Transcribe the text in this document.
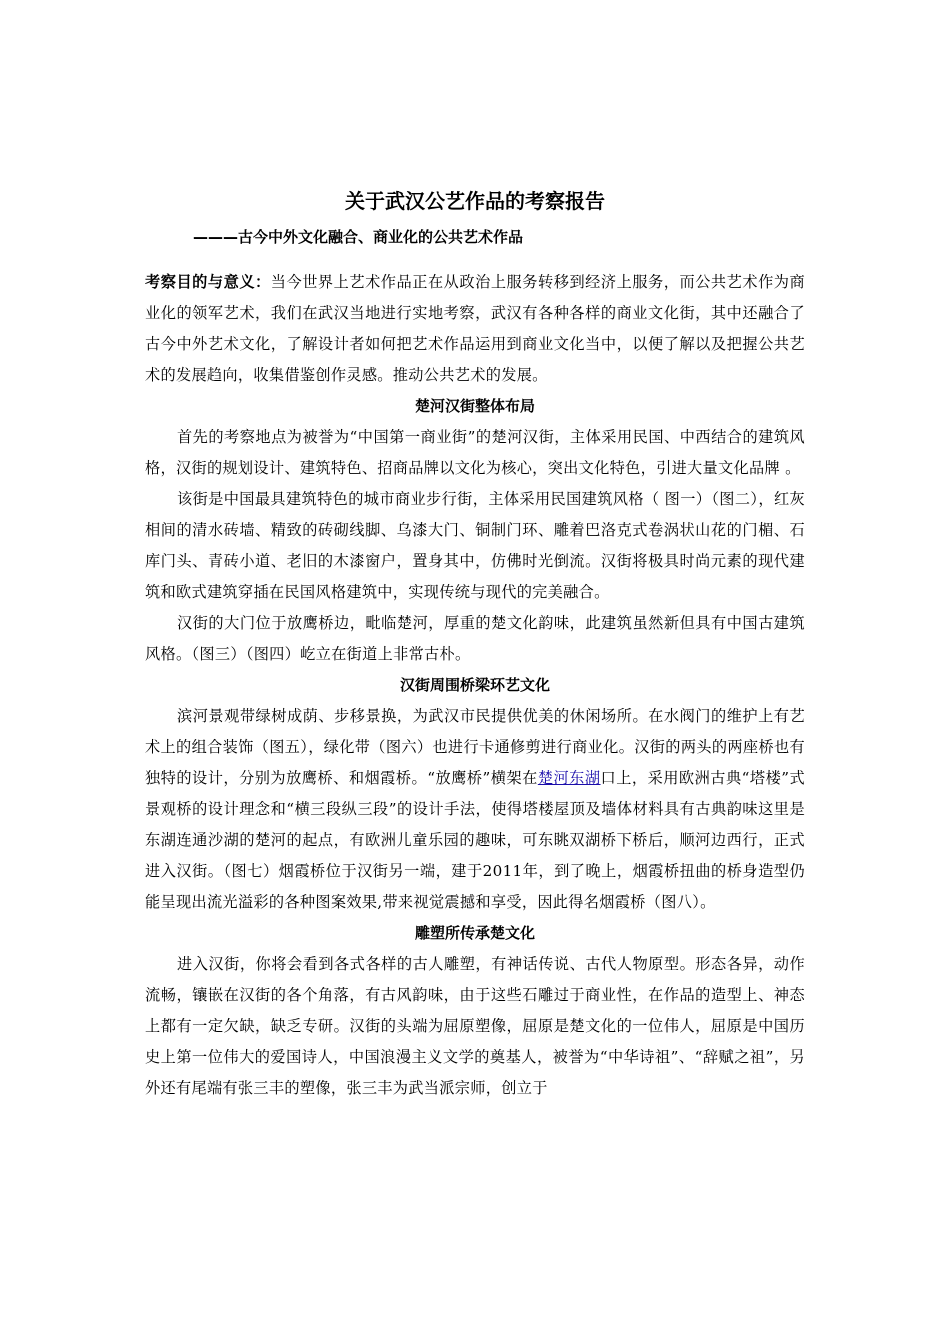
关于武汉公艺作品的考察报告

———古今中外文化融合、商业化的公共艺术作品

考察目的与意义：当今世界上艺术作品正在从政治上服务转移到经济上服务，而公共艺术作为商业化的领军艺术，我们在武汉当地进行实地考察，武汉有各种各样的商业文化街，其中还融合了古今中外艺术文化，了解设计者如何把艺术作品运用到商业文化当中，以便了解以及把握公共艺术的发展趋向，收集借鉴创作灵感。推动公共艺术的发展。

楚河汉街整体布局

首先的考察地点为被誉为“中国第一商业街”的楚河汉街，主体采用民国、中西结合的建筑风格，汉街的规划设计、建筑特色、招商品牌以文化为核心，突出文化特色，引进大量文化品牌 。

该街是中国最具建筑特色的城市商业步行街，主体采用民国建筑风格（ 图一）（图二），红灰相间的清水砖墙、精致的砖砌线脚、乌漆大门、铜制门环、雕着巴洛克式卷涡状山花的门楣、石库门头、青砖小道、老旧的木漆窗户，置身其中，仿佛时光倒流。汉街将极具时尚元素的现代建筑和欧式建筑穿插在民国风格建筑中，实现传统与现代的完美融合。

汉街的大门位于放鹰桥边，毗临楚河，厚重的楚文化韵味，此建筑虽然新但具有中国古建筑风格。（图三）（图四）屹立在街道上非常古朴。

汉街周围桥梁环艺文化

滨河景观带绿树成荫、步移景换，为武汉市民提供优美的休闲场所。在水阀门的维护上有艺术上的组合装饰（图五），绿化带（图六）也进行卡通修剪进行商业化。汉街的两头的两座桥也有独特的设计，分别为放鹰桥、和烟霞桥。“放鹰桥”横架在楚河东湖口上，采用欧洲古典“塔楼”式景观桥的设计理念和“横三段纵三段”的设计手法，使得塔楼屋顶及墙体材料具有古典韵味这里是东湖连通沙湖的楚河的起点，有欧洲儿童乐园的趣味，可东眺双湖桥下桥后，顺河边西行，正式进入汉街。（图七）烟霞桥位于汉街另一端，建于2011年，到了晚上，烟霞桥扭曲的桥身造型仍能呈现出流光溢彩的各种图案效果,带来视觉震撼和享受，因此得名烟霞桥（图八）。

雕塑所传承楚文化

进入汉街，你将会看到各式各样的古人雕塑，有神话传说、古代人物原型。形态各异，动作流畅，镶嵌在汉街的各个角落，有古风韵味，由于这些石雕过于商业性，在作品的造型上、神态上都有一定欠缺，缺乏专研。汉街的头端为屈原塑像，屈原是楚文化的一位伟人，屈原是中国历史上第一位伟大的爱国诗人，中国浪漫主义文学的奠基人，被誉为“中华诗祖”、“辞赋之祖”，另外还有尾端有张三丰的塑像，张三丰为武当派宗师，创立于
